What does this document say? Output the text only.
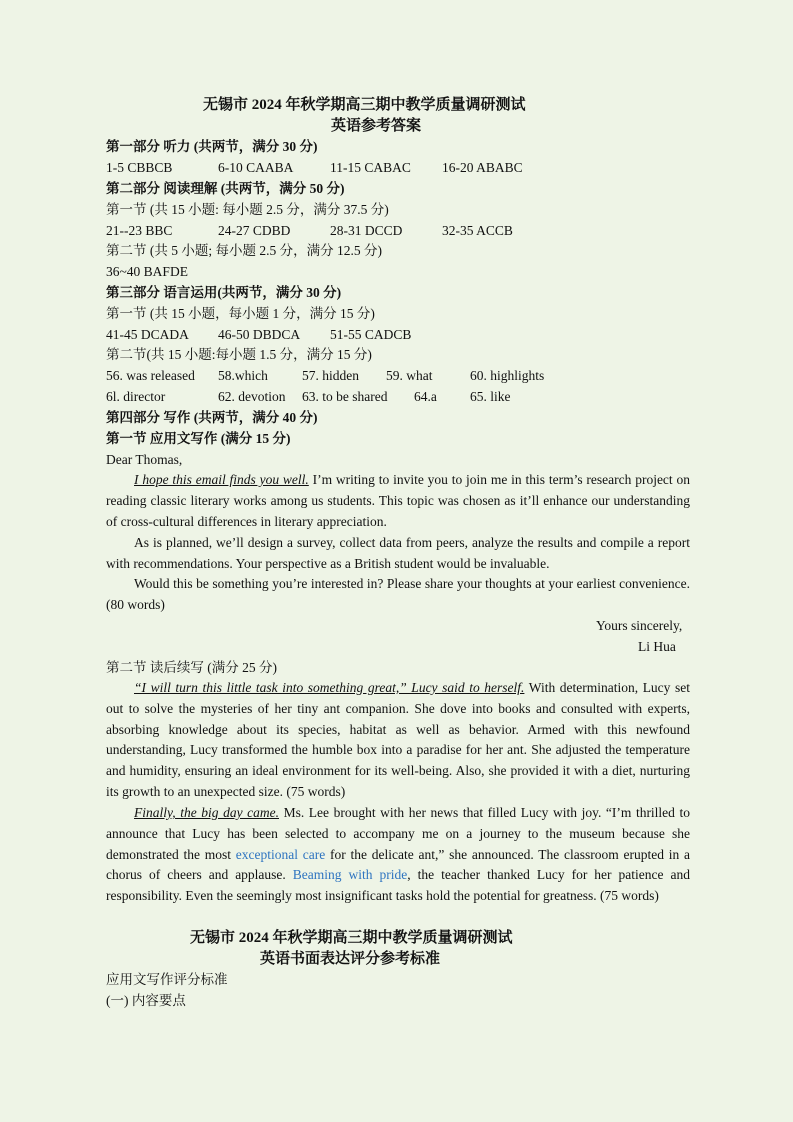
无锡市 2024 年秋学期高三期中教学质量调研测试
英语参考答案
第一部分 听力 (共两节，满分 30 分)
1-5 CBBCB	6-10 CAABA	11-15 CABAC 16-20 ABABC
第二部分 阅读理解 (共两节，满分 50 分)
第一节 (共 15 小题: 每小题 2.5 分，满分 37.5 分)
21--23 BBC	24-27 CDBD	28-31 DCCD	32-35 ACCB
第二节 (共 5 小题; 每小题 2.5 分，满分 12.5 分)
36~40 BAFDE
第三部分 语言运用(共两节，满分 30 分)
第一节 (共 15 小题，每小题 1 分，满分 15 分)
41-45 DCADA 46-50 DBDCA 51-55 CADCB
第二节(共 15 小题:每小题 1.5 分，满分 15 分)
56. was released 58.which	57. hidden 59. what	60. highlights
6l. director	62. devotion 63. to be shared 64.a 65. like
第四部分 写作 (共两节，满分 40 分)
第一节 应用文写作 (满分 15 分)
Dear Thomas,
I hope this email finds you well. I’m writing to invite you to join me in this term’s research project on reading classic literary works among us students. This topic was chosen as it’ll enhance our understanding of cross-cultural differences in literary appreciation.
As is planned, we’ll design a survey, collect data from peers, analyze the results and compile a report with recommendations. Your perspective as a British student would be invaluable.
Would this be something you’re interested in? Please share your thoughts at your earliest convenience. (80 words)
Yours sincerely,
Li Hua
第二节 读后续写 (满分 25 分)
“I will turn this little task into something great,” Lucy said to herself. With determination, Lucy set out to solve the mysteries of her tiny ant companion. She dove into books and consulted with experts, absorbing knowledge about its species, habitat as well as behavior. Armed with this newfound understanding, Lucy transformed the humble box into a paradise for her ant. She adjusted the temperature and humidity, ensuring an ideal environment for its well-being. Also, she provided it with a diet, nurturing its growth to an unexpected size. (75 words)
Finally, the big day came. Ms. Lee brought with her news that filled Lucy with joy. “I’m thrilled to announce that Lucy has been selected to accompany me on a journey to the museum because she demonstrated the most exceptional care for the delicate ant,” she announced. The classroom erupted in a chorus of cheers and applause. Beaming with pride, the teacher thanked Lucy for her patience and responsibility. Even the seemingly most insignificant tasks hold the potential for greatness. (75 words)
无锡市 2024 年秋学期高三期中教学质量调研测试
英语书面表达评分参考标准
应用文写作评分标准
(一) 内容要点
